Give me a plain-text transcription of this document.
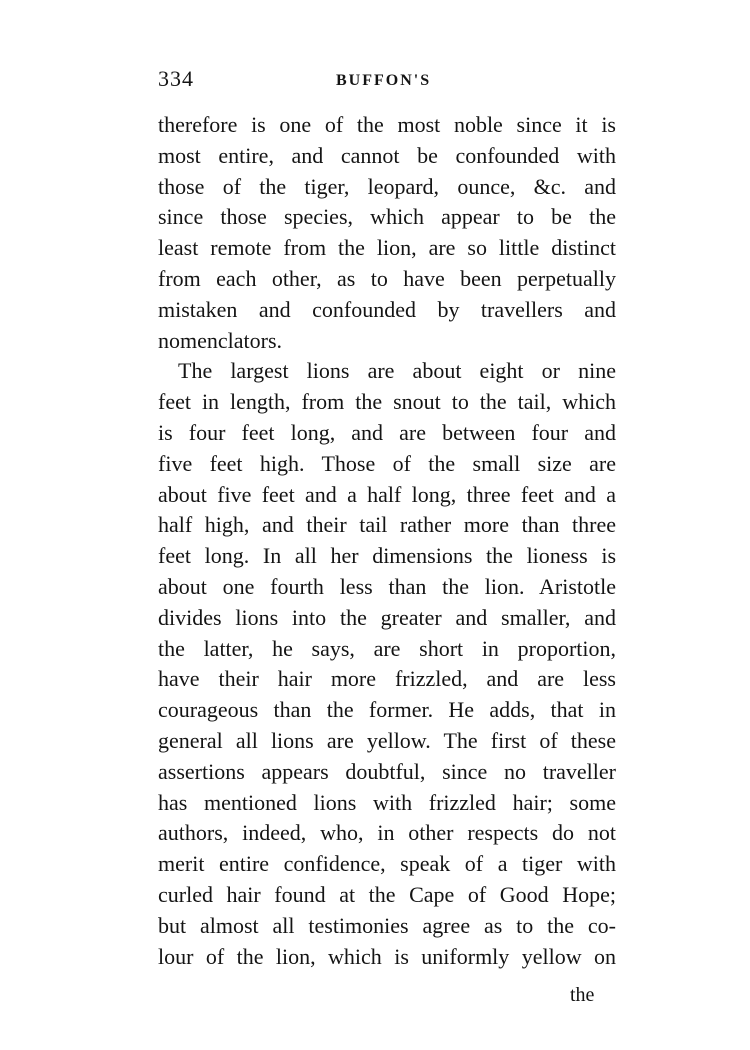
334	BUFFON'S
therefore is one of the most noble since it is
most entire, and cannot be confounded with
those of the tiger, leopard, ounce, &c. and
since those species, which appear to be the
least remote from the lion, are so little distinct
from each other, as to have been perpetually
mistaken and confounded by travellers and
nomenclators.
The largest lions are about eight or nine
feet in length, from the snout to the tail, which
is four feet long, and are between four and
five feet high. Those of the small size are
about five feet and a half long, three feet and a
half high, and their tail rather more than three
feet long. In all her dimensions the lioness is
about one fourth less than the lion. Aristotle
divides lions into the greater and smaller, and
the latter, he says, are short in proportion,
have their hair more frizzled, and are less
courageous than the former. He adds, that in
general all lions are yellow. The first of these
assertions appears doubtful, since no traveller
has mentioned lions with frizzled hair; some
authors, indeed, who, in other respects do not
merit entire confidence, speak of a tiger with
curled hair found at the Cape of Good Hope;
but almost all testimonies agree as to the co-
lour of the lion, which is uniformly yellow on
the
